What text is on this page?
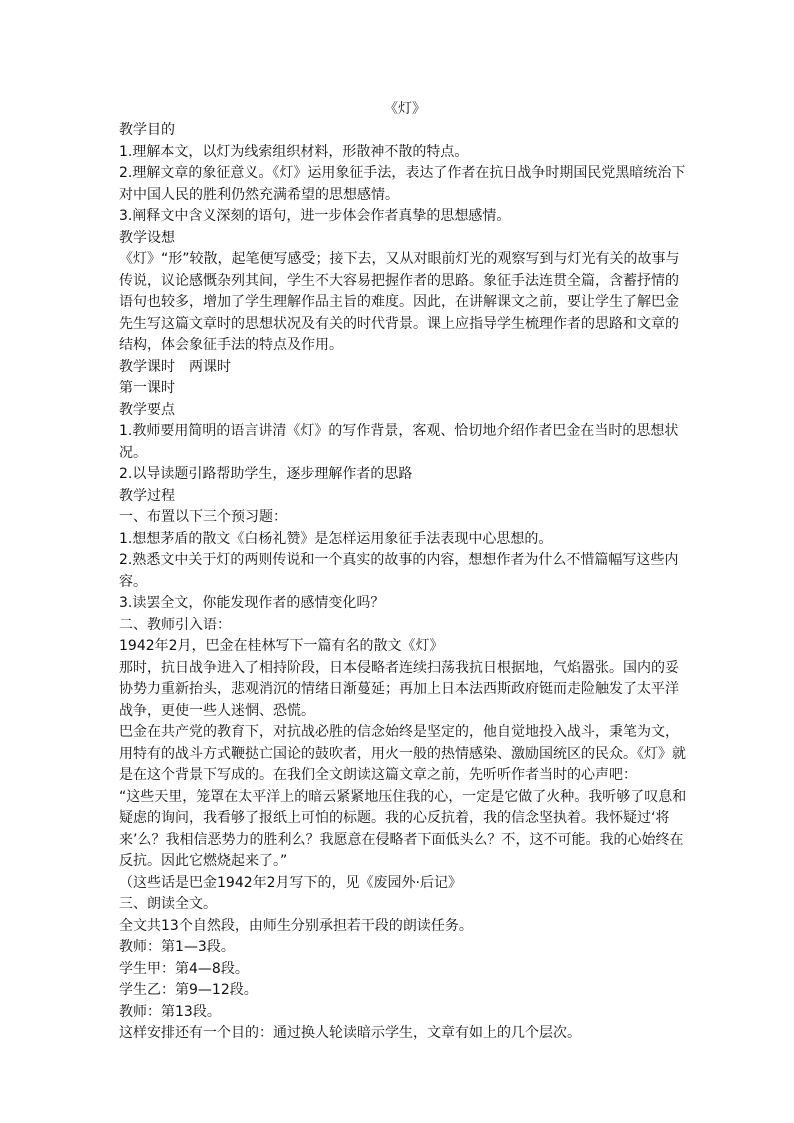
《灯》

教学目的

1.理解本文，以灯为线索组织材料，形散神不散的特点。

2.理解文章的象征意义。《灯》运用象征手法，表达了作者在抗日战争时期国民党黑暗统治下对中国人民的胜利仍然充满希望的思想感情。

3.阐释文中含义深刻的语句，进一步体会作者真挚的思想感情。

教学设想

《灯》“形”较散，起笔便写感受；接下去，又从对眼前灯光的观察写到与灯光有关的故事与传说，议论感慨杂列其间，学生不大容易把握作者的思路。象征手法连贯全篇，含蓄抒情的语句也较多，增加了学生理解作品主旨的难度。因此，在讲解课文之前，要让学生了解巴金先生写这篇文章时的思想状况及有关的时代背景。课上应指导学生梳理作者的思路和文章的结构，体会象征手法的特点及作用。

教学课时　两课时

第一课时

教学要点

1.教师要用简明的语言讲清《灯》的写作背景，客观、恰切地介绍作者巴金在当时的思想状况。

2.以导读题引路帮助学生，逐步理解作者的思路

教学过程

一、布置以下三个预习题：

1.想想茅盾的散文《白杨礼赞》是怎样运用象征手法表现中心思想的。

2.熟悉文中关于灯的两则传说和一个真实的故事的内容，想想作者为什么不惜篇幅写这些内容。

3.读罢全文，你能发现作者的感情变化吗？

二、教师引入语：

1942年2月，巴金在桂林写下一篇有名的散文《灯》

那时，抗日战争进入了相持阶段，日本侵略者连续扫荡我抗日根据地，气焰嚣张。国内的妥协势力重新抬头，悲观消沉的情绪日渐蔓延；再加上日本法西斯政府铤而走险触发了太平洋战争，更使一些人迷惘、恐慌。

巴金在共产党的教育下，对抗战必胜的信念始终是坚定的，他自觉地投入战斗，秉笔为文，用特有的战斗方式鞭挞亡国论的鼓吹者，用火一般的热情感染、激励国统区的民众。《灯》就是在这个背景下写成的。在我们全文朗读这篇文章之前，先听听作者当时的心声吧：

“这些天里，笼罩在太平洋上的暗云紧紧地压住我的心，一定是它做了火种。我听够了叹息和疑虑的询问，我看够了报纸上可怕的标题。我的心反抗着，我的信念坚执着。我怀疑过‘将来’么？我相信恶势力的胜利么？我愿意在侵略者下面低头么？不，这不可能。我的心始终在反抗。因此它燃烧起来了。”

（这些话是巴金1942年2月写下的，见《废园外·后记》

三、朗读全文。

全文共13个自然段，由师生分别承担若干段的朗读任务。

教师：第1—3段。

学生甲：第4—8段。

学生乙：第9—12段。

教师：第13段。

这样安排还有一个目的：通过换人轮读暗示学生，文章有如上的几个层次。
